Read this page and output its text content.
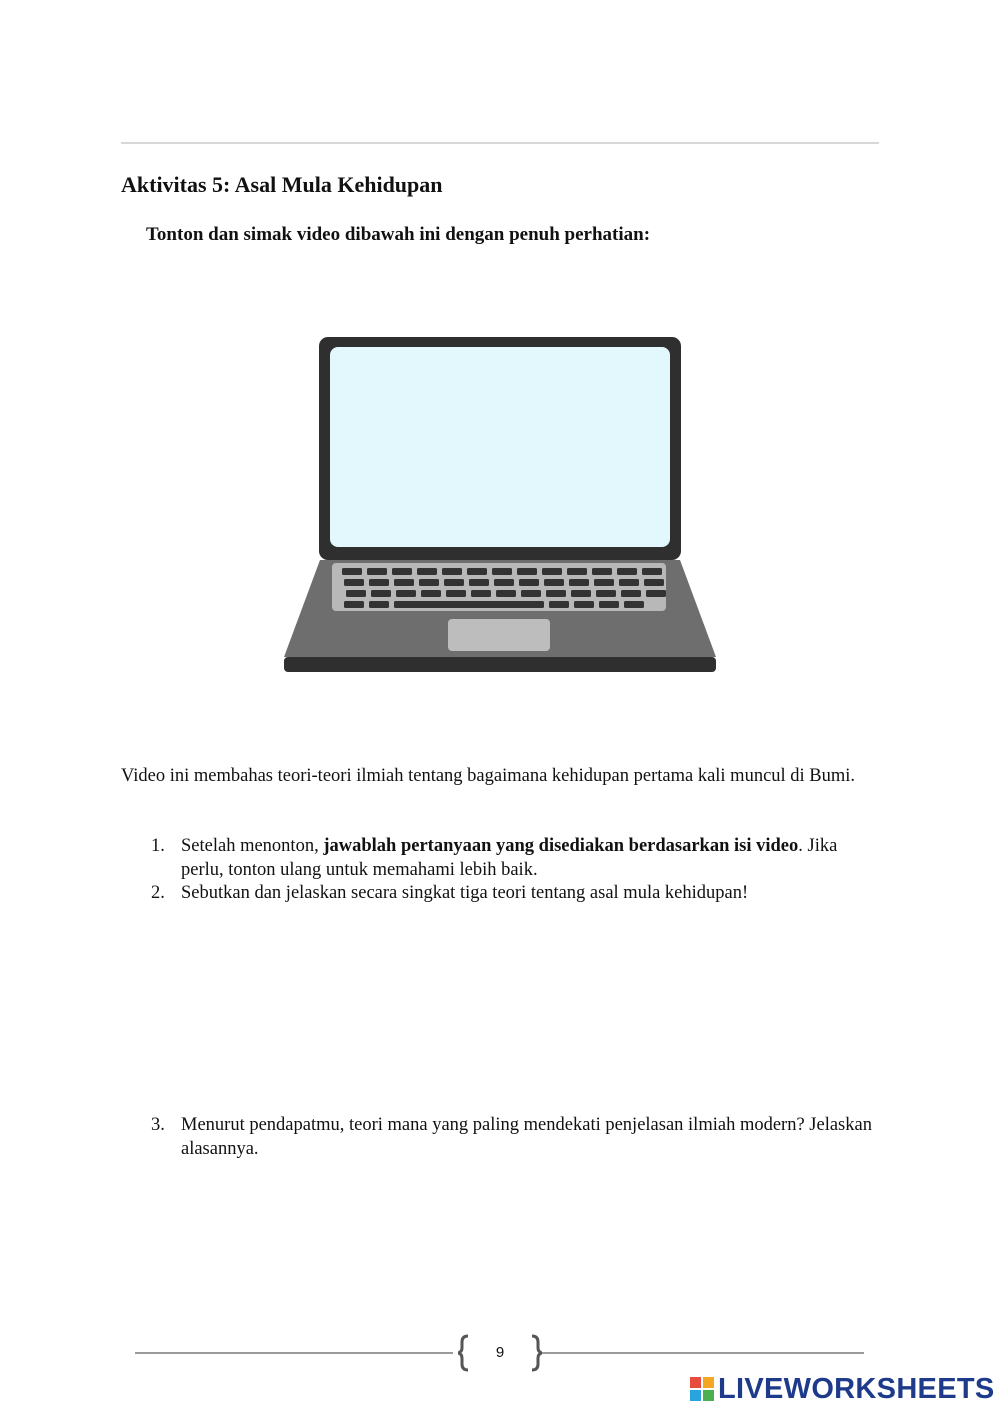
Aktivitas 5: Asal Mula Kehidupan

Tonton dan simak video dibawah ini dengan penuh perhatian:

Video ini membahas teori-teori ilmiah tentang bagaimana kehidupan pertama kali muncul di Bumi.

1. Setelah menonton, jawablah pertanyaan yang disediakan berdasarkan isi video. Jika perlu, tonton ulang untuk memahami lebih baik.
2. Sebutkan dan jelaskan secara singkat tiga teori tentang asal mula kehidupan!
3. Menurut pendapatmu, teori mana yang paling mendekati penjelasan ilmiah modern? Jelaskan alasannya.
9
LIVEWORKSHEETS
